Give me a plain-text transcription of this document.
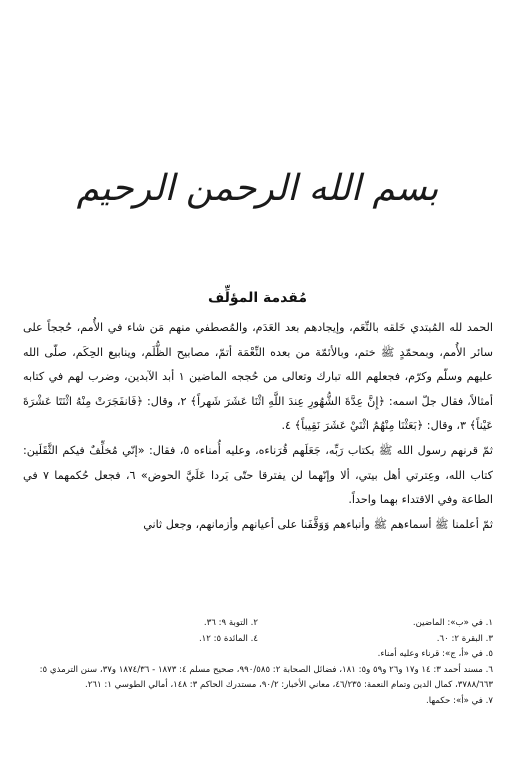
بسم الله الرحمن الرحيم
مُقدمة المؤلِّف

الحمد لله المُبتدي خَلقه بالنِّعَم، وإيجادهم بعد العَدَم، والمُصطفي منهم مَن شاء في الأُمم، حُججاً على سائر الأُمم، وبمحمّدٍ ﷺ ختم، وبالأئمّة من بعده النِّعْمَة أتمّ، مصابيح الظُّلَم، وينابيع الحِكَم، صلّى الله عليهم وسلّم وكرّم، فجعلهم الله تبارك وتعالى من حُججه الماضين ١ أبد الآبدين، وضرب لهم في كتابه أمثالاً، فقال جلّ اسمه: ﴿إِنَّ عِدَّةَ الشُّهُورِ عِندَ اللَّهِ اثْنَا عَشَرَ شَهراً﴾ ٢، وقال: ﴿فَانفَجَرَتْ مِنْهُ اثْنَتَا عَشْرَةَ عَيْناً﴾ ٣، وقال: ﴿بَعَثْنَا مِنْهُمُ اثْنَيْ عَشَرَ نَقِيباً﴾ ٤.

ثمّ قرنهم رسول الله ﷺ بكتاب رَبِّه، جَعَلَهم قُرَناءه، وعليه أُمناءه ٥، فقال: «إنّي مُخلِّفٌ فيكم الثَّقَلَين: كتاب الله، وعِترتي أهل بيتي، ألا وإنّهما لن يفترقا حتّى يَردا عَلَيَّ الحوض» ٦، فجعل حُكمهما ٧ في الطاعة وفي الاقتداء بهما واحداً.

ثمّ أعلمنا ﷺ أسماءهم ﷺ وأنباءهم وَوَقَّفَنا على أعيانهم وأزمانهم، وجعل ثاني

١. في «ب»: الماضين.
٢. التوبة ٩: ٣٦.
٣. البقرة ٢: ٦٠.
٤. المائدة ٥: ١٢.
٥. في «أ، ج»: قرناء وعليه أمناء.
٦. مسند أحمد ٣: ١٤ و١٧ و٢٦ و٥٩ و٥: ١٨١، فضائل الصحابة ٢: ٩٩٠/٥٨٥، صحيح مسلم ٤: ١٨٧٣ - ١٨٧٤/٣٦ و٣٧، سنن الترمذي ٥: ٣٧٨٨/٦٦٣، كمال الدين وتمام النعمة: ٤٦/٢٣٥، معاني الأخبار: ٩٠/٢، مستدرك الحاكم ٣: ١٤٨، أمالي الطوسي ١: ٢٦١.
٧. في «أ»: حكمها.
